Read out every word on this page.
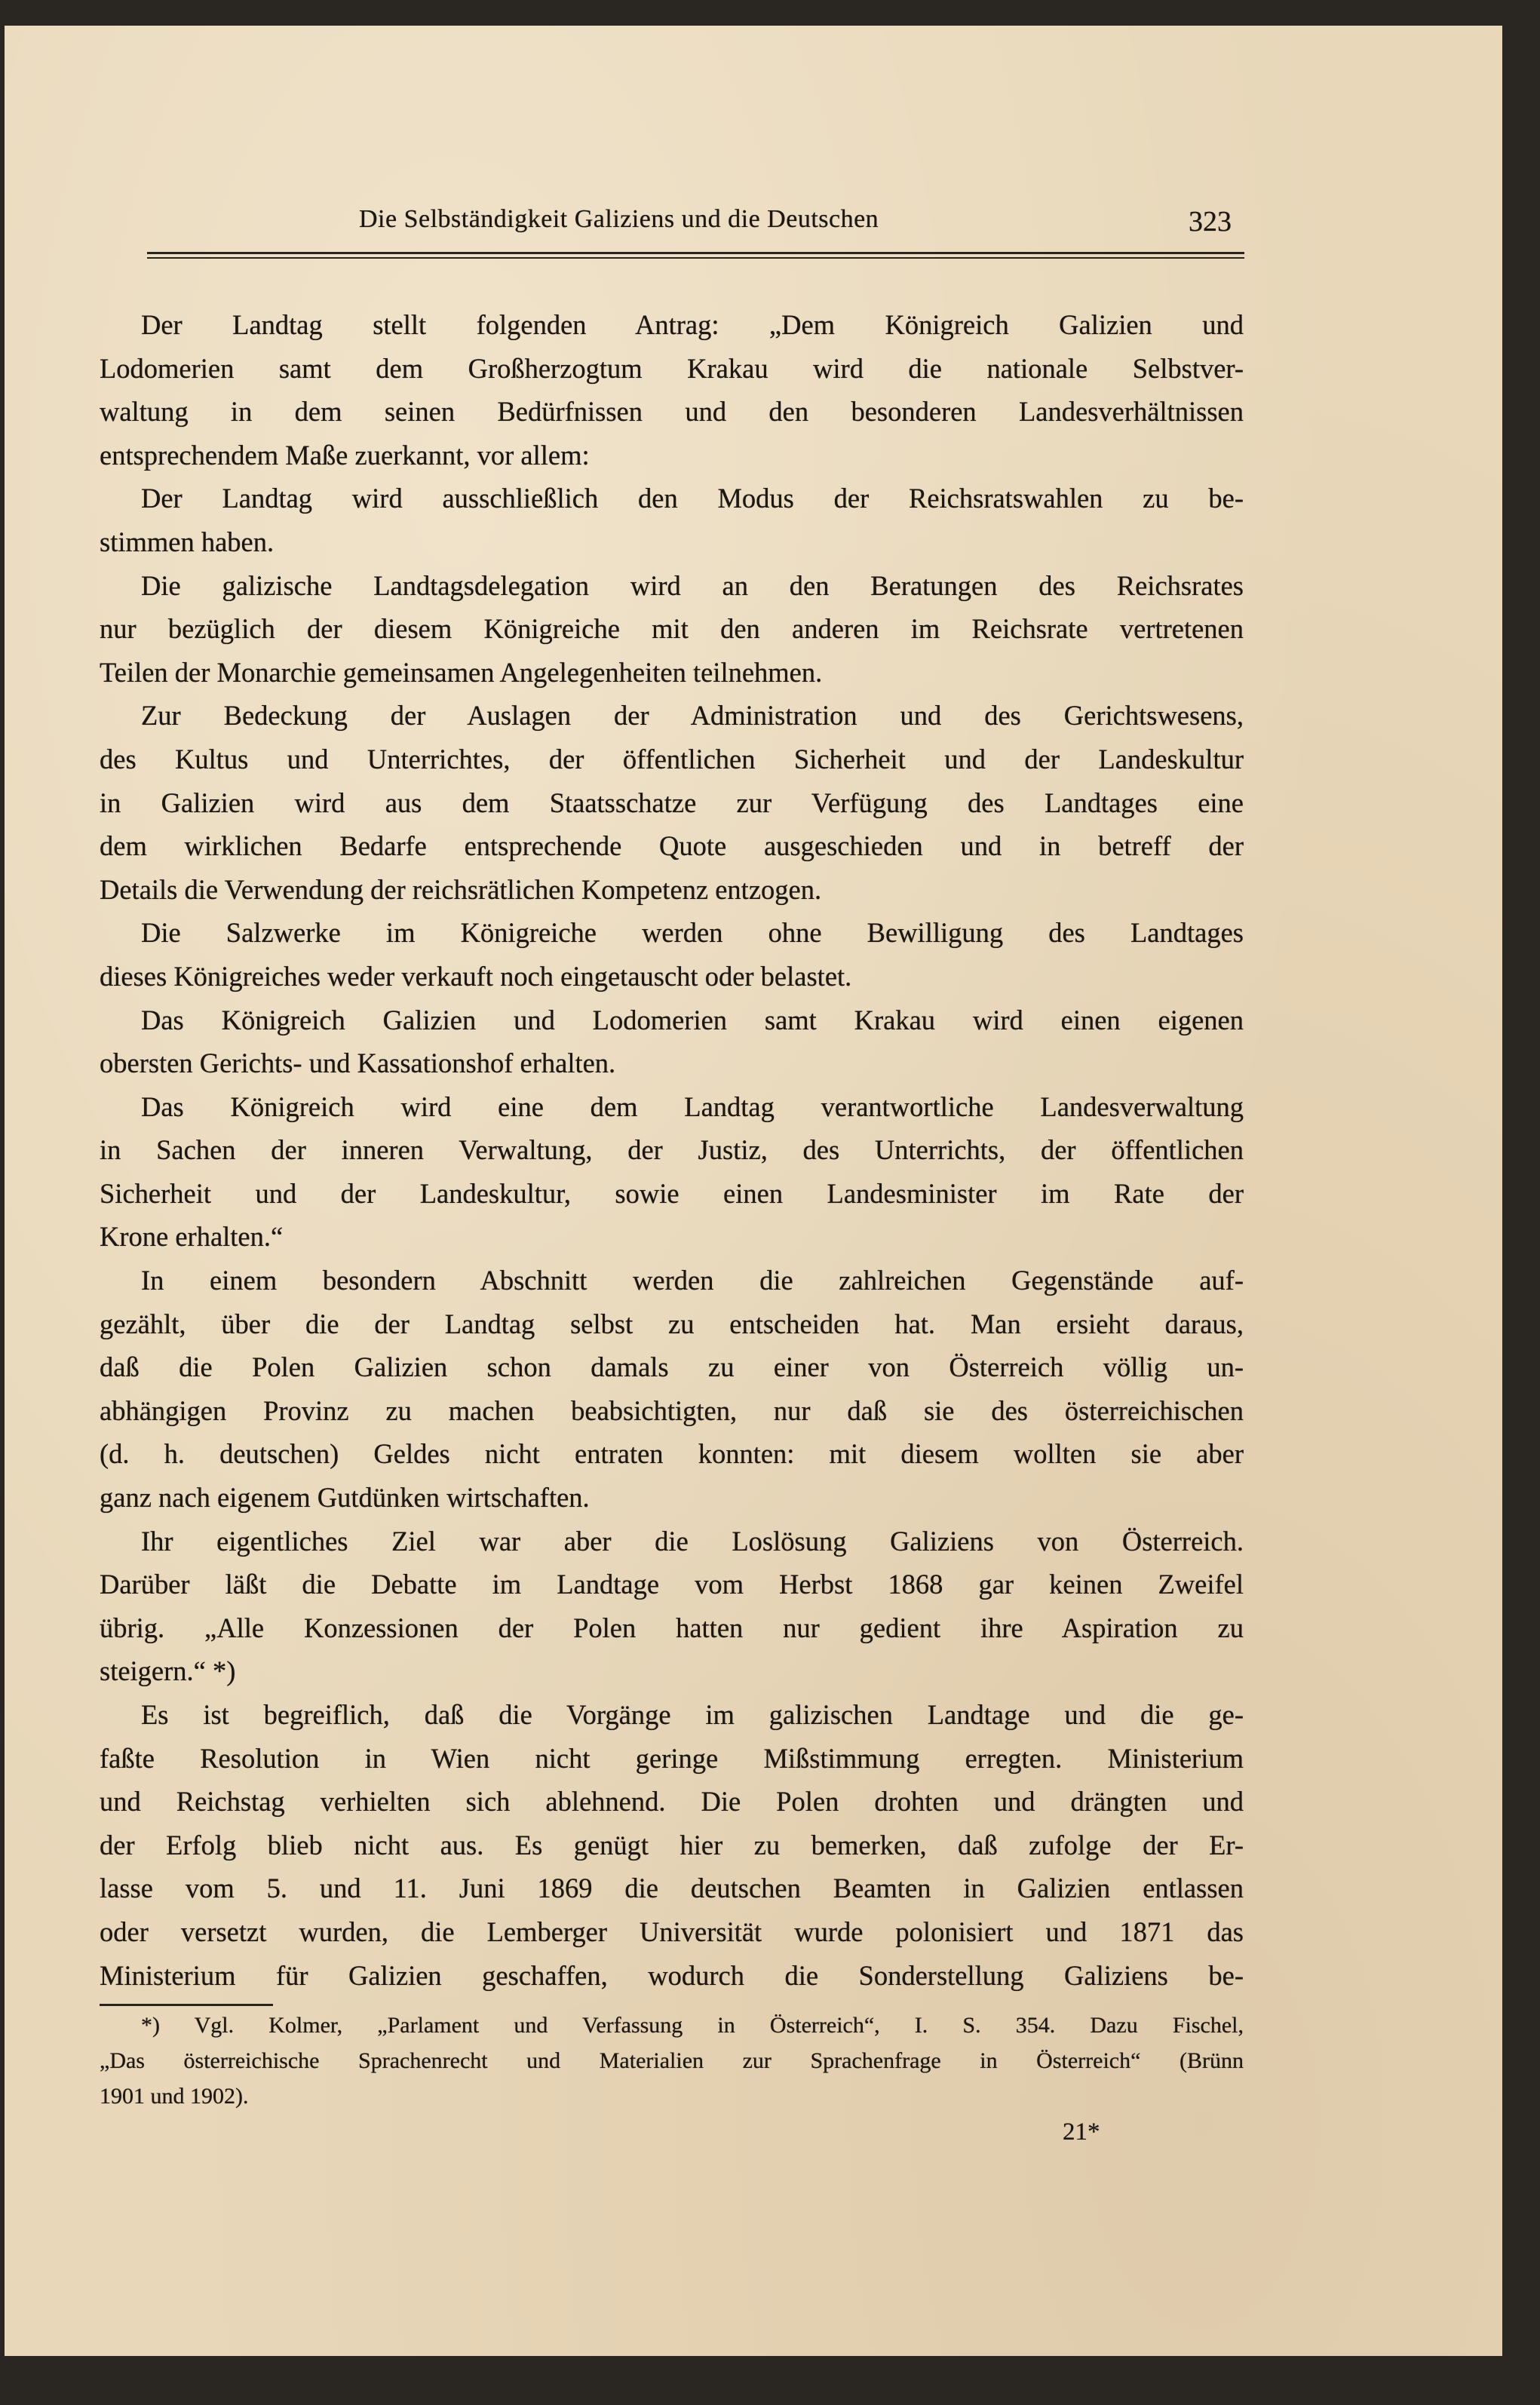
Die Selbständigkeit Galiziens und die Deutschen	323
Der Landtag stellt folgenden Antrag: „Dem Königreich Galizien und
Lodomerien samt dem Großherzogtum Krakau wird die nationale Selbstver-
waltung in dem seinen Bedürfnissen und den besonderen Landesverhältnissen
entsprechendem Maße zuerkannt, vor allem:
Der Landtag wird ausschließlich den Modus der Reichsratswahlen zu be-
stimmen haben.
Die galizische Landtagsdelegation wird an den Beratungen des Reichsrates
nur bezüglich der diesem Königreiche mit den anderen im Reichsrate vertretenen
Teilen der Monarchie gemeinsamen Angelegenheiten teilnehmen.
Zur Bedeckung der Auslagen der Administration und des Gerichtswesens,
des Kultus und Unterrichtes, der öffentlichen Sicherheit und der Landeskultur
in Galizien wird aus dem Staatsschatze zur Verfügung des Landtages eine
dem wirklichen Bedarfe entsprechende Quote ausgeschieden und in betreff der
Details die Verwendung der reichsrätlichen Kompetenz entzogen.
Die Salzwerke im Königreiche werden ohne Bewilligung des Landtages
dieses Königreiches weder verkauft noch eingetauscht oder belastet.
Das Königreich Galizien und Lodomerien samt Krakau wird einen eigenen
obersten Gerichts- und Kassationshof erhalten.
Das Königreich wird eine dem Landtag verantwortliche Landesverwaltung
in Sachen der inneren Verwaltung, der Justiz, des Unterrichts, der öffentlichen
Sicherheit und der Landeskultur, sowie einen Landesminister im Rate der
Krone erhalten.“
In einem besondern Abschnitt werden die zahlreichen Gegenstände auf-
gezählt, über die der Landtag selbst zu entscheiden hat. Man ersieht daraus,
daß die Polen Galizien schon damals zu einer von Österreich völlig un-
abhängigen Provinz zu machen beabsichtigten, nur daß sie des österreichischen
(d. h. deutschen) Geldes nicht entraten konnten: mit diesem wollten sie aber
ganz nach eigenem Gutdünken wirtschaften.
Ihr eigentliches Ziel war aber die Loslösung Galiziens von Österreich.
Darüber läßt die Debatte im Landtage vom Herbst 1868 gar keinen Zweifel
übrig. „Alle Konzessionen der Polen hatten nur gedient ihre Aspiration zu
steigern.“ *)
Es ist begreiflich, daß die Vorgänge im galizischen Landtage und die ge-
faßte Resolution in Wien nicht geringe Mißstimmung erregten. Ministerium
und Reichstag verhielten sich ablehnend. Die Polen drohten und drängten und
der Erfolg blieb nicht aus. Es genügt hier zu bemerken, daß zufolge der Er-
lasse vom 5. und 11. Juni 1869 die deutschen Beamten in Galizien entlassen
oder versetzt wurden, die Lemberger Universität wurde polonisiert und 1871 das
Ministerium für Galizien geschaffen, wodurch die Sonderstellung Galiziens be-
*) Vgl. Kolmer, „Parlament und Verfassung in Österreich“, I. S. 354. Dazu Fischel,
„Das österreichische Sprachenrecht und Materialien zur Sprachenfrage in Österreich“ (Brünn
1901 und 1902).
21*
